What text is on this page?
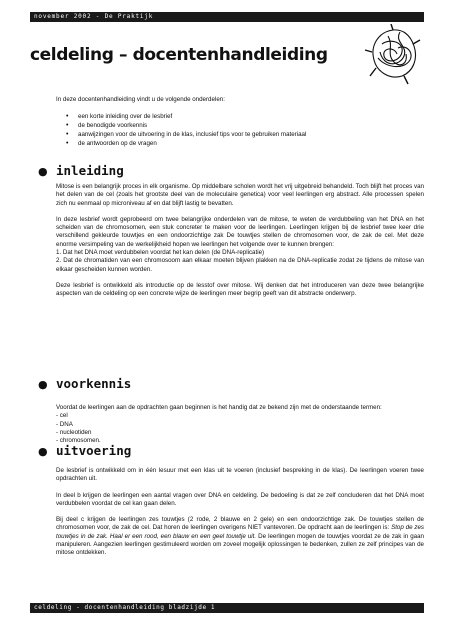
november 2002 - De Praktijk
celdeling – docentenhandleiding
In deze docentenhandleiding vindt u de volgende onderdelen:
• een korte inleiding over de lesbrief
• de benodigde voorkennis
• aanwijzingen voor de uitvoering in de klas, inclusief tips voor te gebruiken materiaal
• de antwoorden op de vragen
● inleiding

Mitose is een belangrijk proces in elk organisme. Op middelbare scholen wordt het vrij uitgebreid behandeld. Toch blijft het proces van het delen van de cel (zoals het grootste deel van de moleculaire genetica) voor veel leerlingen erg abstract. Alle processen spelen zich nu eenmaal op microniveau af en dat blijft lastig te bevatten.

In deze lesbrief wordt geprobeerd om twee belangrijke onderdelen van de mitose, te weten de verdubbeling van het DNA en het scheiden van de chromosomen, een stuk concreter te maken voor de leerlingen. Leerlingen krijgen bij de lesbrief twee keer drie verschillend gekleurde touwtjes en een ondoorzichtige zak De touwtjes stellen de chromosomen voor, de zak de cel. Met deze enorme versimpeling van de werkelijkheid hopen we leerlingen het volgende over te kunnen brengen:
1. Dat het DNA moet verdubbelen voordat het kan delen (de DNA-replicatie)
2. Dat de chromatiden van een chromosoom aan elkaar moeten blijven plakken na de DNA-replicatie zodat ze tijdens de mitose van elkaar gescheiden kunnen worden.

Deze lesbrief is ontwikkeld als introductie op de lesstof over mitose. Wij denken dat het introduceren van deze twee belangrijke aspecten van de celdeling op een concrete wijze de leerlingen meer begrip geeft van dit abstracte onderwerp.

● voorkennis

Voordat de leerlingen aan de opdrachten gaan beginnen is het handig dat ze bekend zijn met de onderstaande termen:
- cel
- DNA
- nucleotiden
- chromosomen.

● uitvoering

De lesbrief is ontwikkeld om in één lesuur met een klas uit te voeren (inclusief bespreking in de klas). De leerlingen voeren twee opdrachten uit.

In deel b krijgen de leerlingen een aantal vragen over DNA en celdeling. De bedoeling is dat ze zelf concluderen dat het DNA moet verdubbelen voordat de cel kan gaan delen.

Bij deel c krijgen de leerlingen zes touwtjes (2 rode, 2 blauwe en 2 gele) en een ondoorzichtige zak. De touwtjes stellen de chromosomen voor, de zak de cel. Dat horen de leerlingen overigens NIET vantevoren. De opdracht aan de leerlingen is: Stop de zes touwtjes in de zak. Haal er een rood, een blauw en een geel touwtje uit. De leerlingen mogen de touwtjes voordat ze de zak in gaan manipuleren. Aangezien leerlingen gestimuleerd worden om zoveel mogelijk oplossingen te bedenken, zullen ze zelf principes van de mitose ontdekken.

celdeling - docentenhandleiding bladzijde 1
